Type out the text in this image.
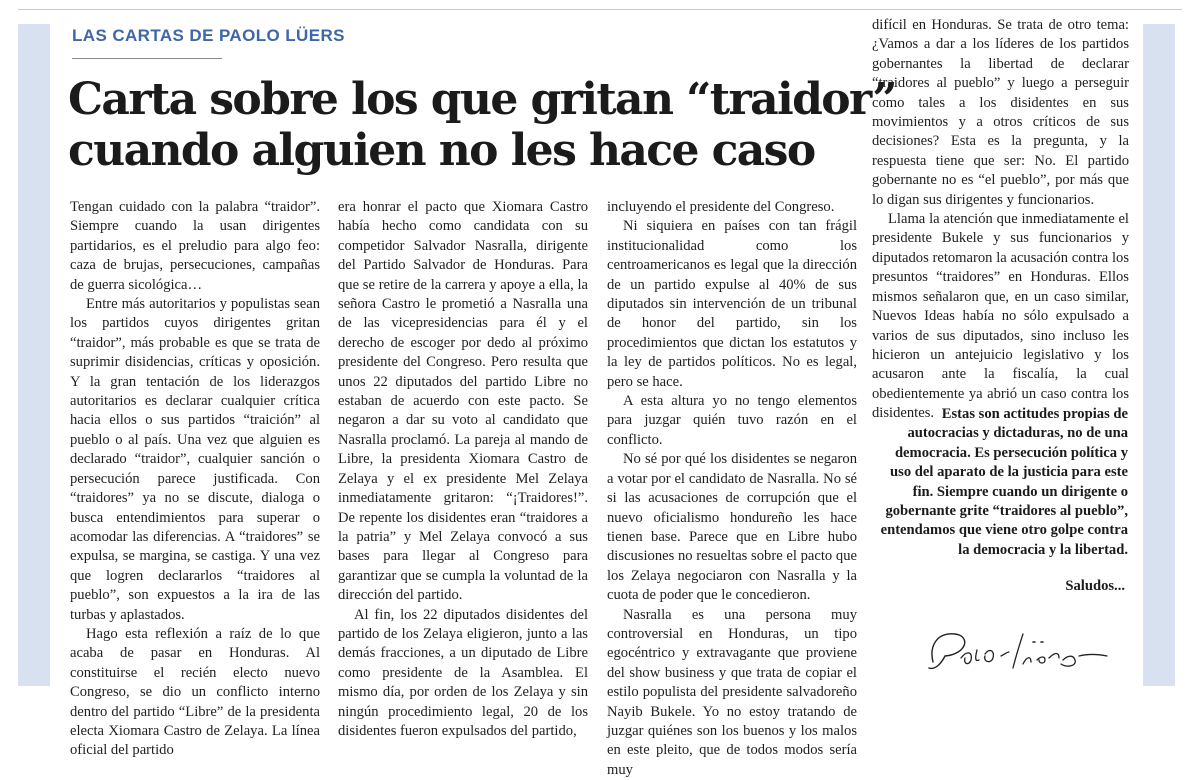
LAS CARTAS DE PAOLO LÜERS
Carta sobre los que gritan “traidor”
cuando alguien no les hace caso

Tengan cuidado con la palabra “traidor”. Siempre cuando la usan dirigentes partidarios, es el preludio para algo feo: caza de brujas, persecuciones, campañas de guerra sicológica…

Entre más autoritarios y populistas sean los partidos cuyos dirigentes gritan “traidor”, más probable es que se trata de suprimir disidencias, críticas y oposición. Y la gran tentación de los liderazgos autoritarios es declarar cualquier crítica hacia ellos o sus partidos “traición” al pueblo o al país. Una vez que alguien es declarado “traidor”, cualquier sanción o persecución parece justificada. Con “traidores” ya no se discute, dialoga o busca entendimientos para superar o acomodar las diferencias. A “traidores” se expulsa, se margina, se castiga. Y una vez que logren declararlos “traidores al pueblo”, son expuestos a la ira de las turbas y aplastados.

Hago esta reflexión a raíz de lo que acaba de pasar en Honduras. Al constituirse el recién electo nuevo Congreso, se dio un conflicto interno dentro del partido “Libre” de la presidenta electa Xiomara Castro de Zelaya. La línea oficial del partido

era honrar el pacto que Xiomara Castro había hecho como candidata con su competidor Salvador Nasralla, dirigente del Partido Salvador de Honduras. Para que se retire de la carrera y apoye a ella, la señora Castro le prometió a Nasralla una de las vicepresidencias para él y el derecho de escoger por dedo al próximo presidente del Congreso. Pero resulta que unos 22 diputados del partido Libre no estaban de acuerdo con este pacto. Se negaron a dar su voto al candidato que Nasralla proclamó. La pareja al mando de Libre, la presidenta Xiomara Castro de Zelaya y el ex presidente Mel Zelaya inmediatamente gritaron: “¡Traidores!”. De repente los disidentes eran “traidores a la patria” y Mel Zelaya convocó a sus bases para llegar al Congreso para garantizar que se cumpla la voluntad de la dirección del partido.

Al fin, los 22 diputados disidentes del partido de los Zelaya eligieron, junto a las demás fracciones, a un diputado de Libre como presidente de la Asamblea. El mismo día, por orden de los Zelaya y sin ningún procedimiento legal, 20 de los disidentes fueron expulsados del partido,

incluyendo el presidente del Congreso.

Ni siquiera en países con tan frágil institucionalidad como los centroamericanos es legal que la dirección de un partido expulse al 40% de sus diputados sin intervención de un tribunal de honor del partido, sin los procedimientos que dictan los estatutos y la ley de partidos políticos. No es legal, pero se hace.

A esta altura yo no tengo elementos para juzgar quién tuvo razón en el conflicto.

No sé por qué los disidentes se negaron a votar por el candidato de Nasralla. No sé si las acusaciones de corrupción que el nuevo oficialismo hondureño les hace tienen base. Parece que en Libre hubo discusiones no resueltas sobre el pacto que los Zelaya negociaron con Nasralla y la cuota de poder que le concedieron.

Nasralla es una persona muy controversial en Honduras, un tipo egocéntrico y extravagante que proviene del show business y que trata de copiar el estilo populista del presidente salvadoreño Nayib Bukele. Yo no estoy tratando de juzgar quiénes son los buenos y los malos en este pleito, que de todos modos sería muy

difícil en Honduras. Se trata de otro tema: ¿Vamos a dar a los líderes de los partidos gobernantes la libertad de declarar “traidores al pueblo” y luego a perseguir como tales a los disidentes en sus movimientos y a otros críticos de sus decisiones? Esta es la pregunta, y la respuesta tiene que ser: No. El partido gobernante no es “el pueblo”, por más que lo digan sus dirigentes y funcionarios.

Llama la atención que inmediatamente el presidente Bukele y sus funcionarios y diputados retomaron la acusación contra los presuntos “traidores” en Honduras. Ellos mismos señalaron que, en un caso similar, Nuevos Ideas había no sólo expulsado a varios de sus diputados, sino incluso les hicieron un antejuicio legislativo y los acusaron ante la fiscalía, la cual obedientemente ya abrió un caso contra los disidentes. Estas son actitudes propias de autocracias y dictaduras, no de una democracia. Es persecución política y uso del aparato de la justicia para este fin. Siempre cuando un dirigente o gobernante grite “traidores al pueblo”, entendamos que viene otro golpe contra la democracia y la libertad.
Saludos...
